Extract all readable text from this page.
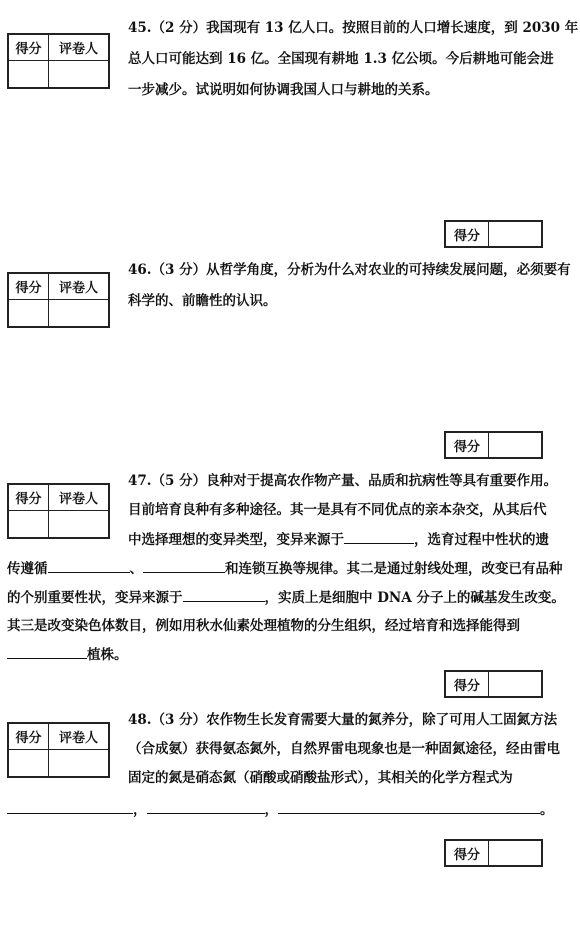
得分	评卷人

45.（2 分）我国现有 13 亿人口。按照目前的人口增长速度，到 2030 年

总人口可能达到 16 亿。全国现有耕地 1.3 亿公顷。今后耕地可能会进

一步减少。试说明如何协调我国人口与耕地的关系。

得分
得分	评卷人

46.（3 分）从哲学角度，分析为什么对农业的可持续发展问题，必须要有

科学的、前瞻性的认识。

得分
得分	评卷人

47.（5 分）良种对于提高农作物产量、品质和抗病性等具有重要作用。

目前培育良种有多种途径。其一是具有不同优点的亲本杂交，从其后代

中选择理想的变异类型，变异来源于	，选育过程中性状的遗

传遵循	、	和连锁互换等规律。其二是通过射线处理，改变已有品种

的个别重要性状，变异来源于	，实质上是细胞中 DNA 分子上的碱基发生改变。

其三是改变染色体数目，例如用秋水仙素处理植物的分生组织，经过培育和选择能得到

植株。

得分
得分	评卷人

48.（3 分）农作物生长发育需要大量的氮养分，除了可用人工固氮方法

（合成氨）获得氨态氮外，自然界雷电现象也是一种固氮途径，经由雷电

固定的氮是硝态氮（硝酸或硝酸盐形式），其相关的化学方程式为

，	，	。

得分
